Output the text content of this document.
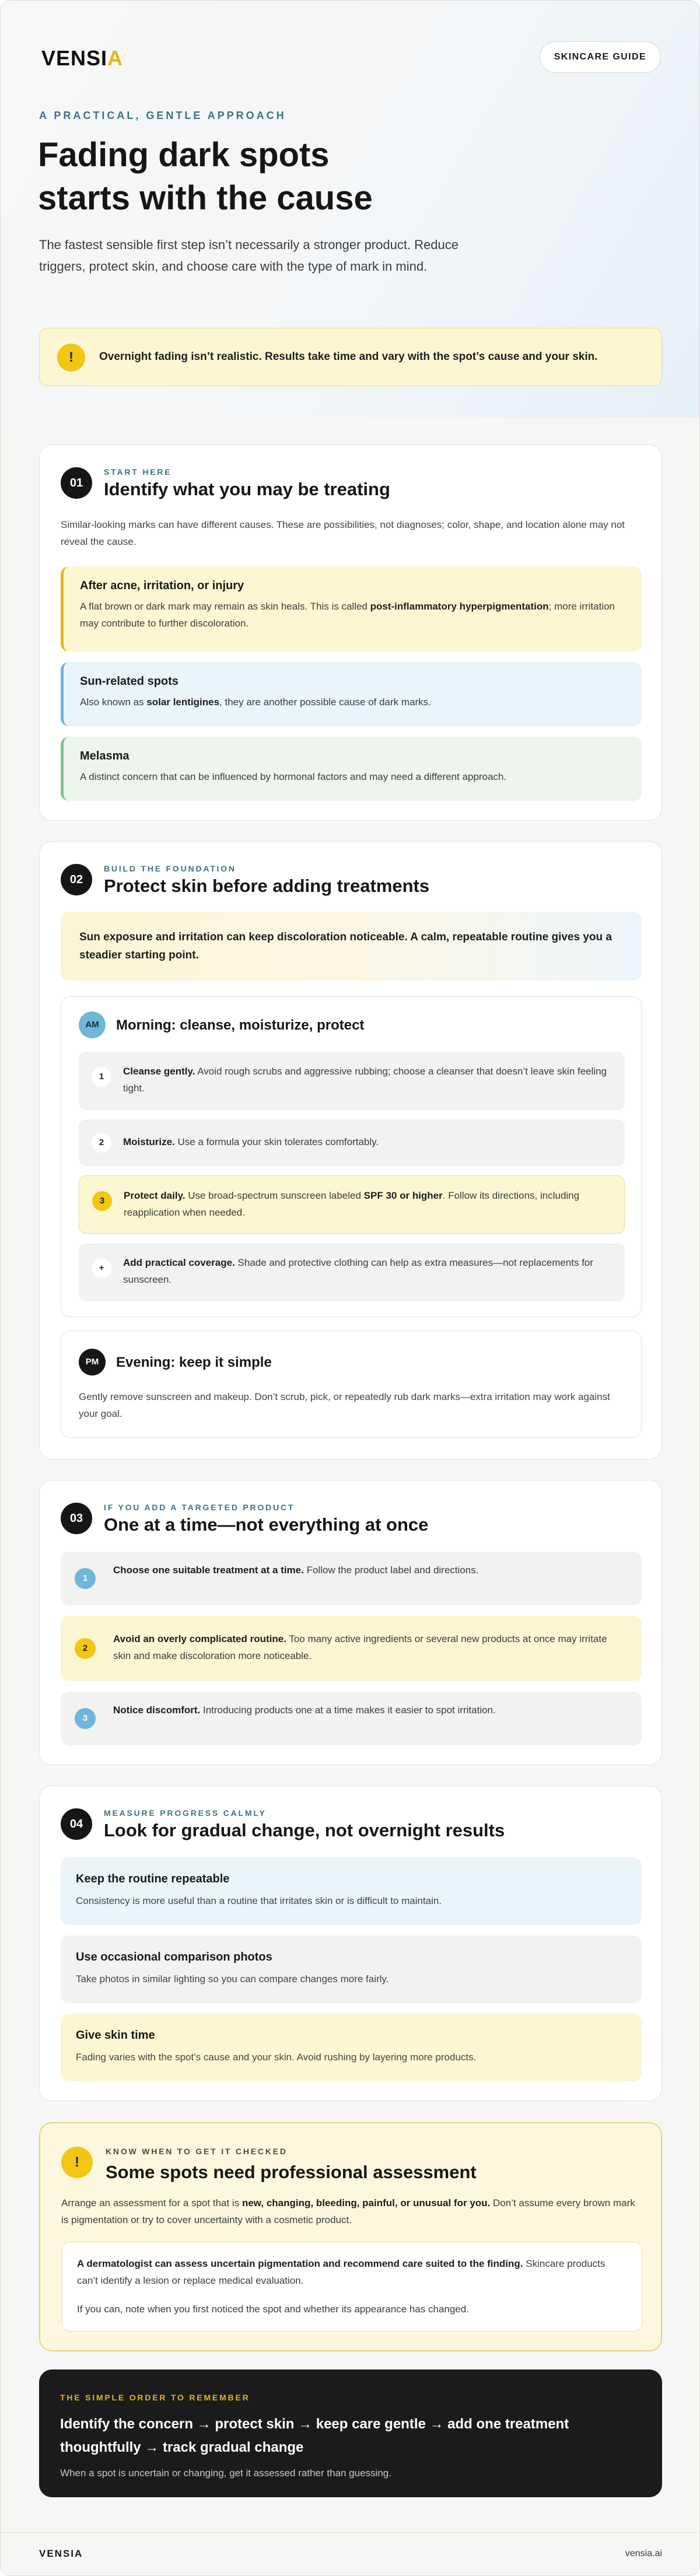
VENSIA	SKINCARE GUIDE
A PRACTICAL, GENTLE APPROACH
Fading dark spots
starts with the cause
The fastest sensible first step isn’t necessarily a stronger product. Reduce triggers, protect skin, and choose care with the type of mark in mind.
!	Overnight fading isn’t realistic. Results take time and vary with the spot’s cause and your skin.
01
START HERE
Identify what you may be treating
Similar-looking marks can have different causes. These are possibilities, not diagnoses; color, shape, and location alone may not reveal the cause.
After acne, irritation, or injury

A flat brown or dark mark may remain as skin heals. This is called post-inflammatory hyperpigmentation; more irritation may contribute to further discoloration.

Sun-related spots

Also known as solar lentigines, they are another possible cause of dark marks.

Melasma

A distinct concern that can be influenced by hormonal factors and may need a different approach.

02
BUILD THE FOUNDATION
Protect skin before adding treatments

Sun exposure and irritation can keep discoloration noticeable. A calm, repeatable routine gives you a steadier starting point.

AM	Morning: cleanse, moisturize, protect
1	Cleanse gently. Avoid rough scrubs and aggressive rubbing; choose a cleanser that doesn’t leave skin feeling tight.

2	Moisturize. Use a formula your skin tolerates comfortably.

3	Protect daily. Use broad-spectrum sunscreen labeled SPF 30 or higher. Follow its directions, including reapplication when needed.

+	Add practical coverage. Shade and protective clothing can help as extra measures—not replacements for sunscreen.

PM	Evening: keep it simple

Gently remove sunscreen and makeup. Don’t scrub, pick, or repeatedly rub dark marks—extra irritation may work against your goal.

03
IF YOU ADD A TARGETED PRODUCT
One at a time—not everything at once
1

Choose one suitable treatment at a time. Follow the product label and directions.

2

Avoid an overly complicated routine. Too many active ingredients or several new products at once may irritate skin and make discoloration more noticeable.

3

Notice discomfort. Introducing products one at a time makes it easier to spot irritation.

04
MEASURE PROGRESS CALMLY
Look for gradual change, not overnight results
Keep the routine repeatable

Consistency is more useful than a routine that irritates skin or is difficult to maintain.

Use occasional comparison photos

Take photos in similar lighting so you can compare changes more fairly.

Give skin time

Fading varies with the spot’s cause and your skin. Avoid rushing by layering more products.

!
KNOW WHEN TO GET IT CHECKED
Some spots need professional assessment

Arrange an assessment for a spot that is new, changing, bleeding, painful, or unusual for you. Don’t assume every brown mark is pigmentation or try to cover uncertainty with a cosmetic product.

A dermatologist can assess uncertain pigmentation and recommend care suited to the finding. Skincare products can’t identify a lesion or replace medical evaluation.

If you can, note when you first noticed the spot and whether its appearance has changed.

THE SIMPLE ORDER TO REMEMBER
Identify the concern → protect skin → keep care gentle → add one treatment thoughtfully → track gradual change
When a spot is uncertain or changing, get it assessed rather than guessing.
VENSIA	vensia.ai
